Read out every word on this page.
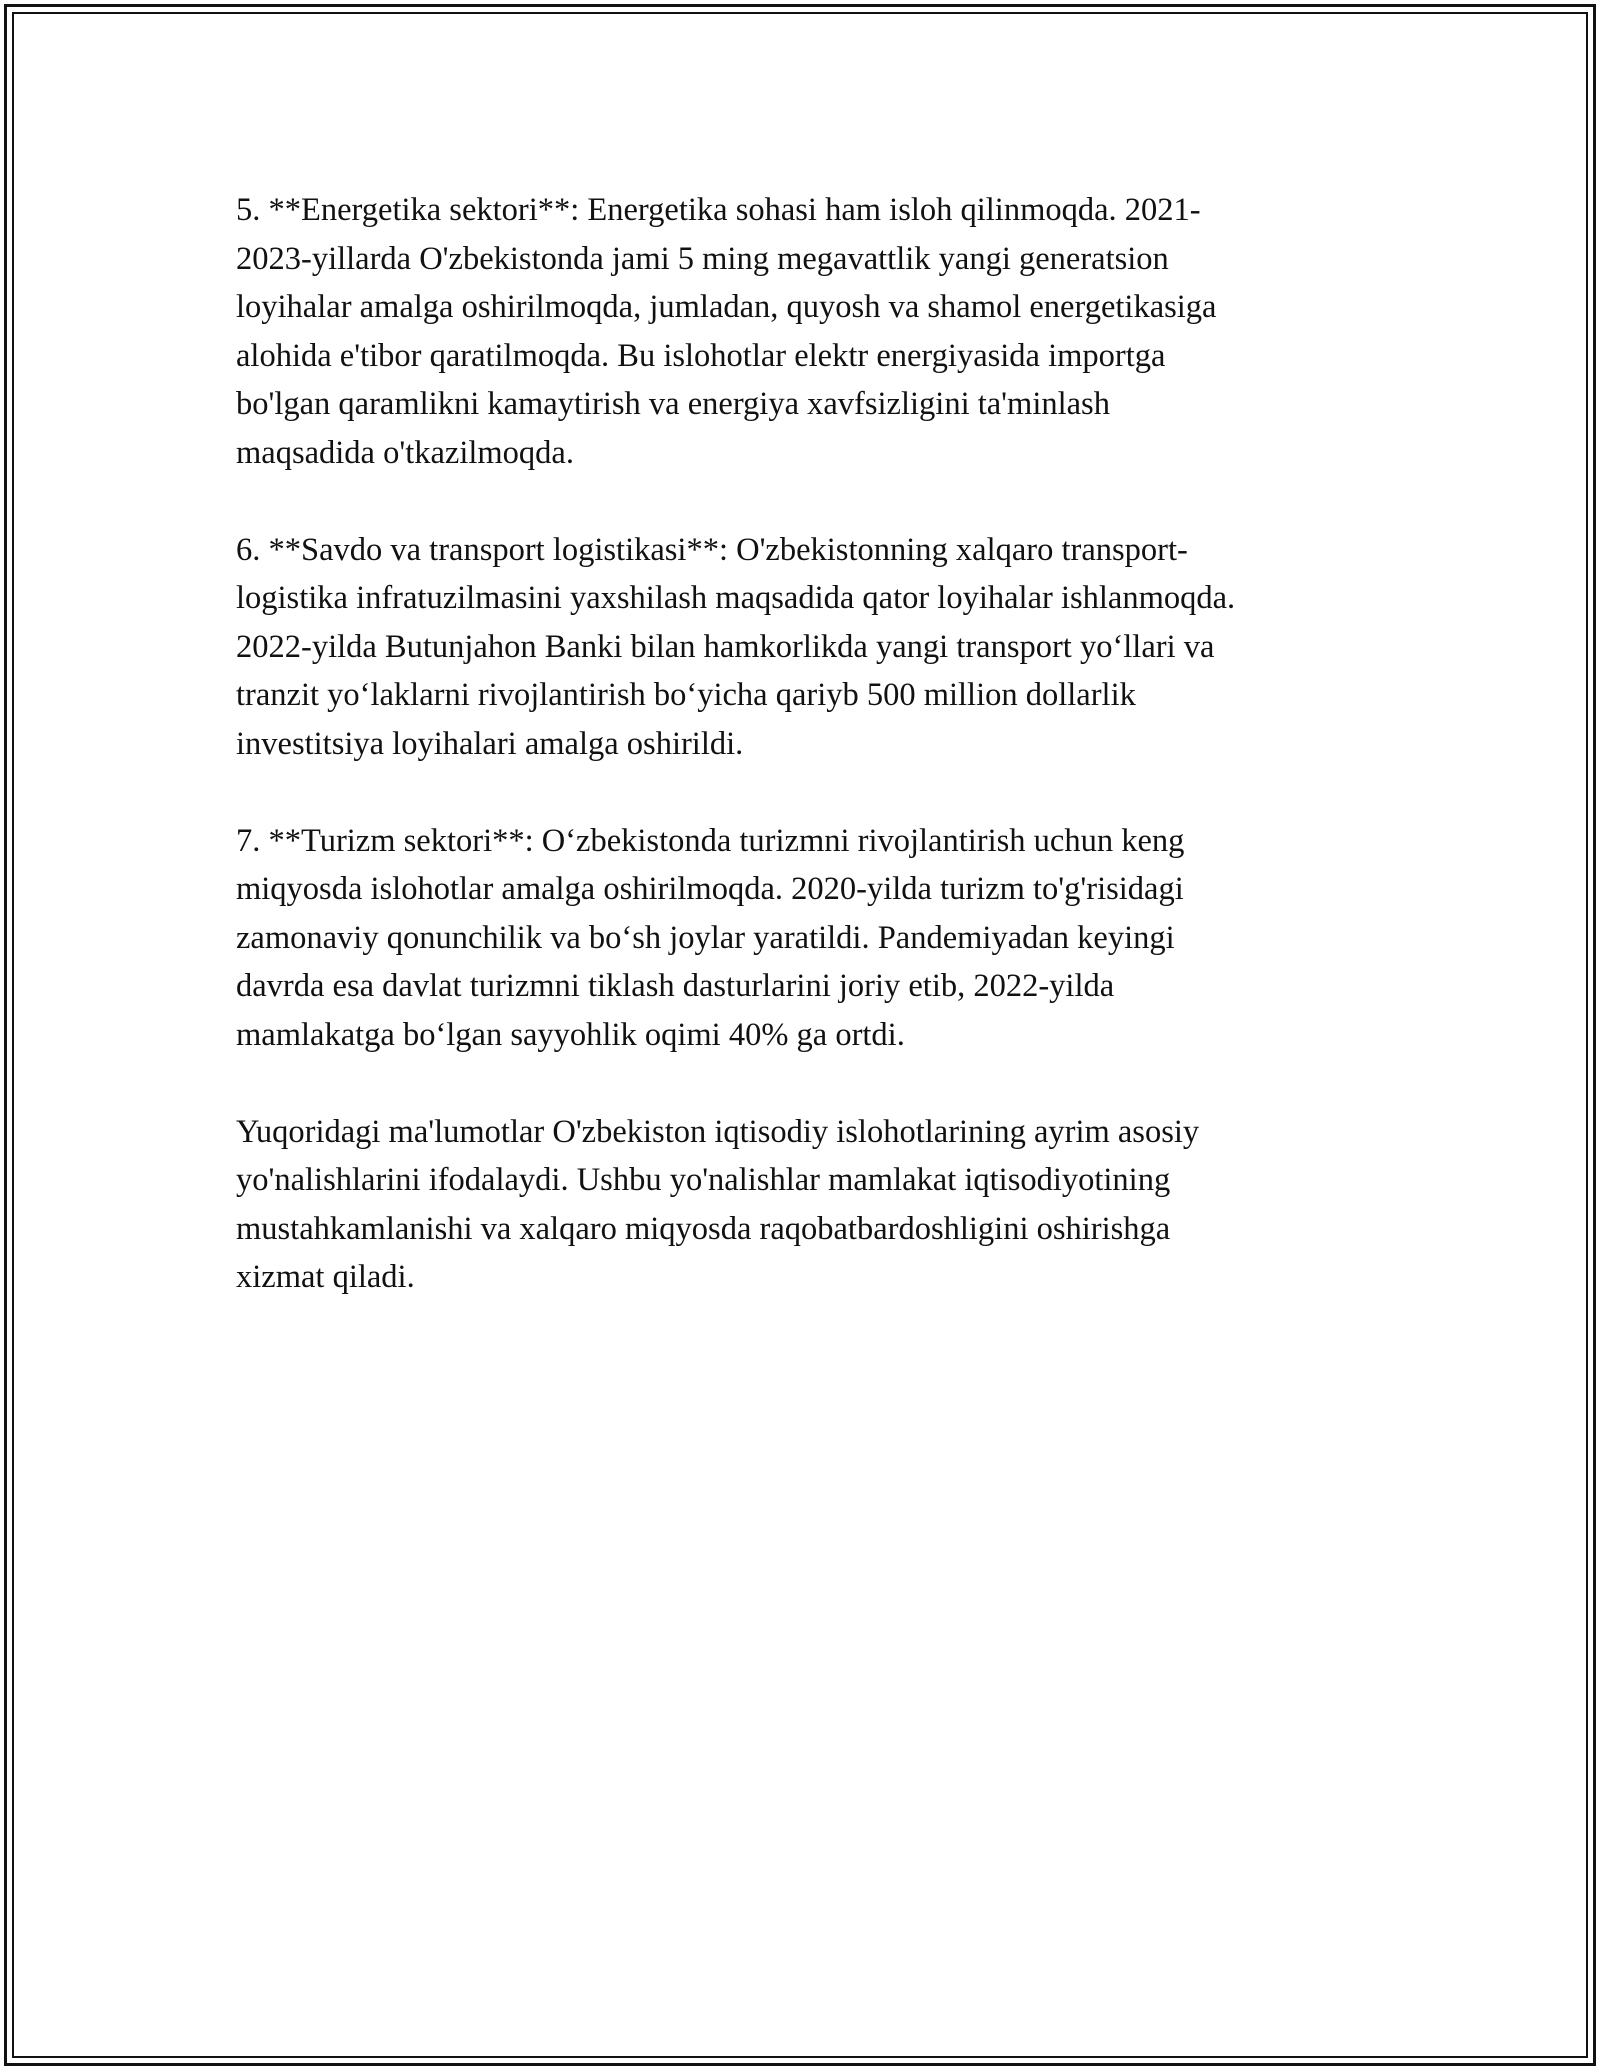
5. **Energetika sektori**: Energetika sohasi ham isloh qilinmoqda. 2021-
2023-yillarda O'zbekistonda jami 5 ming megavattlik yangi generatsion
loyihalar amalga oshirilmoqda, jumladan, quyosh va shamol energetikasiga
alohida e'tibor qaratilmoqda. Bu islohotlar elektr energiyasida importga
bo'lgan qaramlikni kamaytirish va energiya xavfsizligini ta'minlash
maqsadida o'tkazilmoqda.

6. **Savdo va transport logistikasi**: O'zbekistonning xalqaro transport-
logistika infratuzilmasini yaxshilash maqsadida qator loyihalar ishlanmoqda.
2022-yilda Butunjahon Banki bilan hamkorlikda yangi transport yo‘llari va
tranzit yo‘laklarni rivojlantirish bo‘yicha qariyb 500 million dollarlik
investitsiya loyihalari amalga oshirildi.

7. **Turizm sektori**: O‘zbekistonda turizmni rivojlantirish uchun keng
miqyosda islohotlar amalga oshirilmoqda. 2020-yilda turizm to'g'risidagi
zamonaviy qonunchilik va bo‘sh joylar yaratildi. Pandemiyadan keyingi
davrda esa davlat turizmni tiklash dasturlarini joriy etib, 2022-yilda
mamlakatga bo‘lgan sayyohlik oqimi 40% ga ortdi.

Yuqoridagi ma'lumotlar O'zbekiston iqtisodiy islohotlarining ayrim asosiy
yo'nalishlarini ifodalaydi. Ushbu yo'nalishlar mamlakat iqtisodiyotining
mustahkamlanishi va xalqaro miqyosda raqobatbardoshligini oshirishga
xizmat qiladi.
